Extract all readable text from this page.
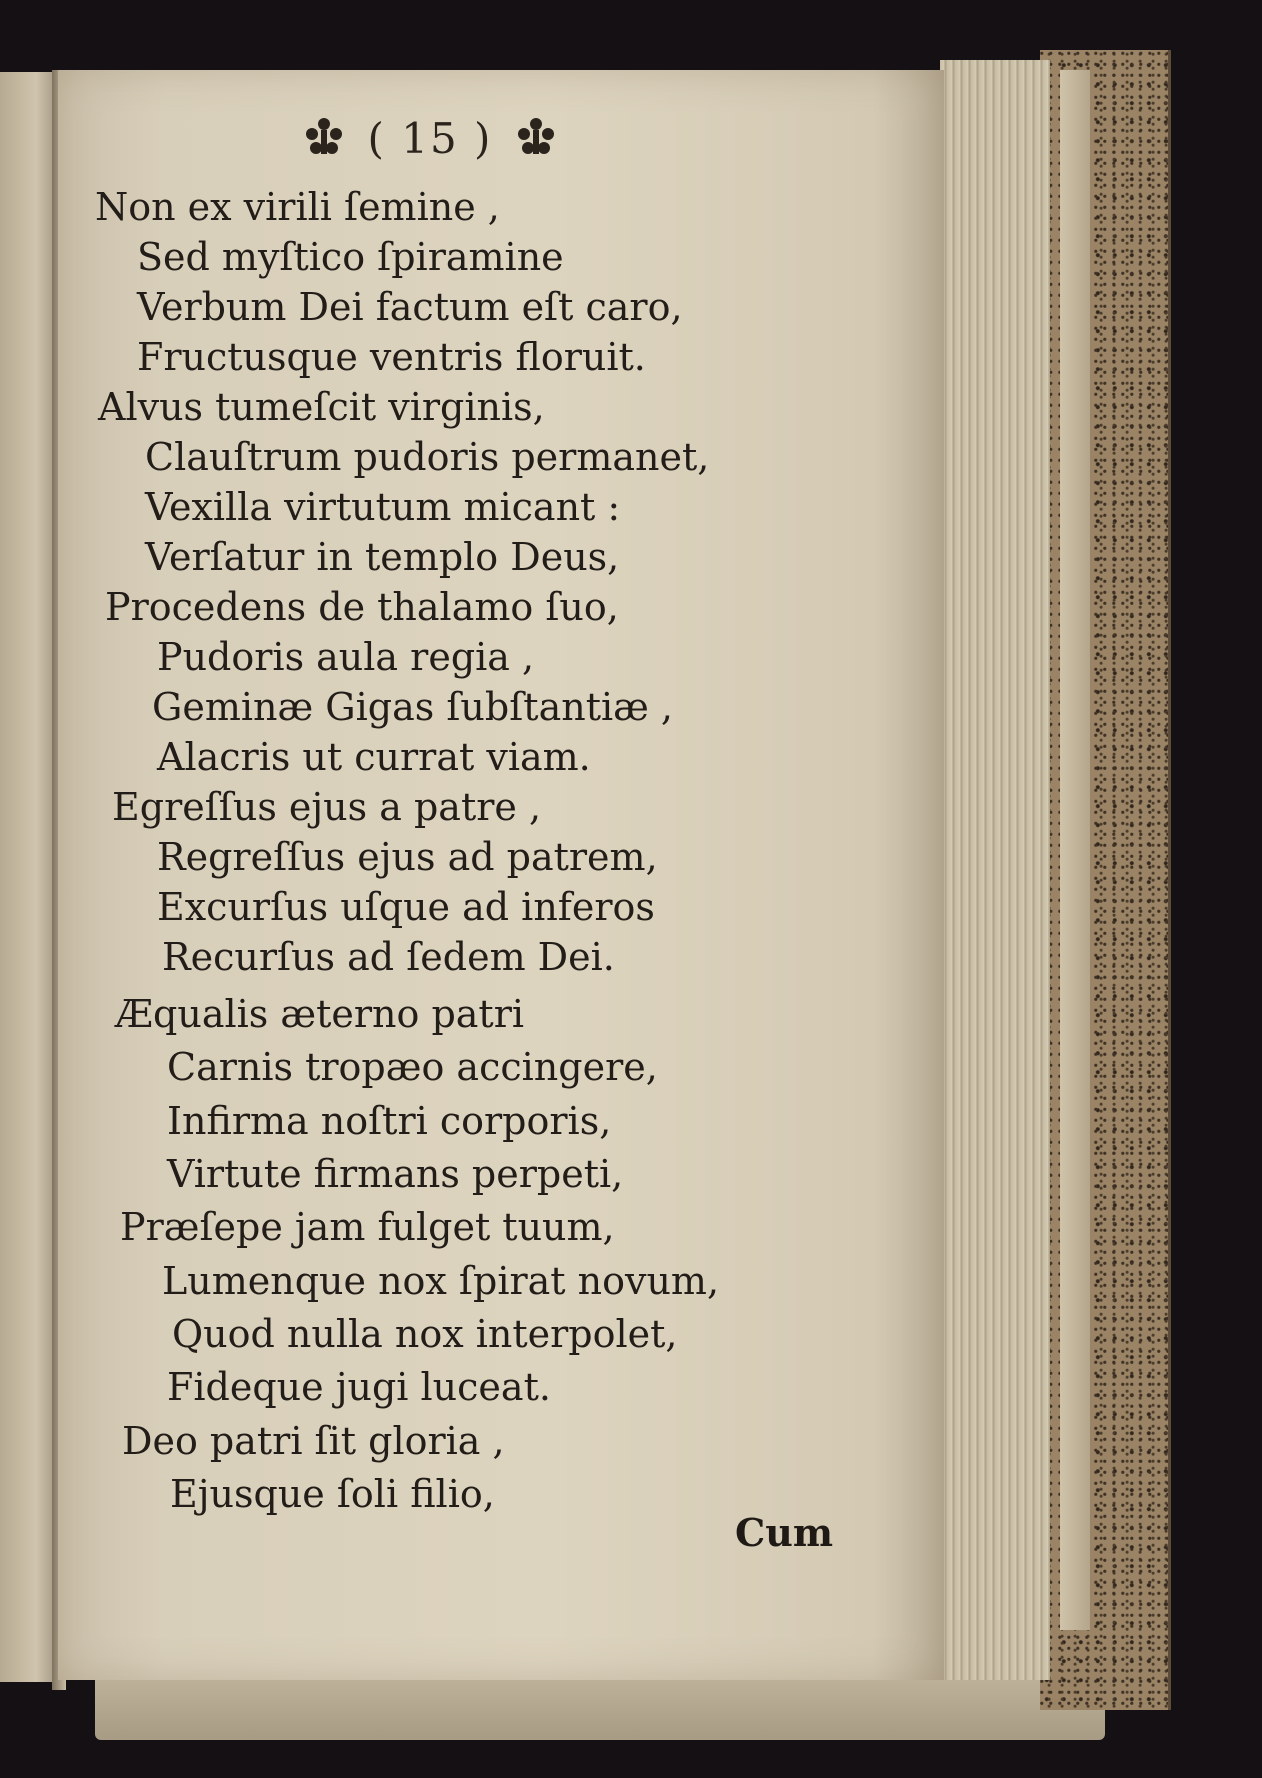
( 15 )
Non ex virili ſemine ,
Sed myſtico ſpiramine
Verbum Dei factum eſt caro,
Fructusque ventris floruit.
Alvus tumeſcit virginis,
Clauſtrum pudoris permanet,
Vexilla virtutum micant :
Verſatur in templo Deus,
Procedens de thalamo ſuo,
Pudoris aula regia ,
Geminæ Gigas ſubſtantiæ ,
Alacris ut currat viam.
Egreſſus ejus a patre ,
Regreſſus ejus ad patrem,
Excurſus uſque ad inferos
Recurſus ad ſedem Dei.
Æqualis æterno patri
Carnis tropæo accingere,
Infirma noſtri corporis,
Virtute firmans perpeti,
Præſepe jam fulget tuum,
Lumenque nox ſpirat novum,
Quod nulla nox interpolet,
Fideque jugi luceat.
Deo patri ſit gloria ,
Ejusque ſoli filio,
Cum
